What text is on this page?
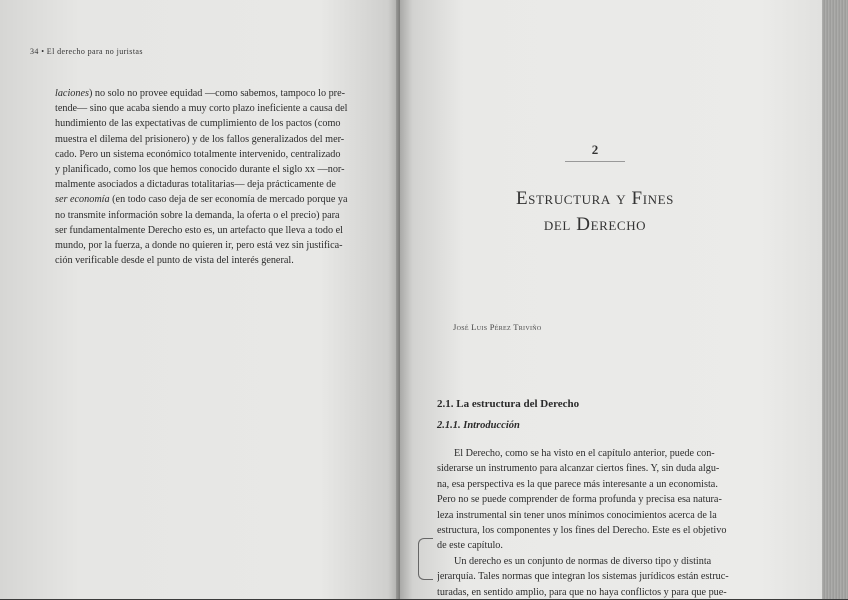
34 • El derecho para no juristas
laciones) no solo no provee equidad —como sabemos, tampoco lo pre-
tende— sino que acaba siendo a muy corto plazo ineficiente a causa del
hundimiento de las expectativas de cumplimiento de los pactos (como
muestra el dilema del prisionero) y de los fallos generalizados del mer-
cado. Pero un sistema económico totalmente intervenido, centralizado
y planificado, como los que hemos conocido durante el siglo xx —nor-
malmente asociados a dictaduras totalitarias— deja prácticamente de
ser economía (en todo caso deja de ser economía de mercado porque ya
no transmite información sobre la demanda, la oferta o el precio) para
ser fundamentalmente Derecho esto es, un artefacto que lleva a todo el
mundo, por la fuerza, a donde no quieren ir, pero está vez sin justifica-
ción verificable desde el punto de vista del interés general.
2
Estructura y Fines
del Derecho
José Luis Pérez Triviño
2.1. La estructura del Derecho
2.1.1. Introducción
El Derecho, como se ha visto en el capítulo anterior, puede con-
siderarse un instrumento para alcanzar ciertos fines. Y, sin duda algu-
na, esa perspectiva es la que parece más interesante a un economista.
Pero no se puede comprender de forma profunda y precisa esa natura-
leza instrumental sin tener unos mínimos conocimientos acerca de la
estructura, los componentes y los fines del Derecho. Este es el objetivo
de este capítulo.
Un derecho es un conjunto de normas de diverso tipo y distinta
jerarquía. Tales normas que integran los sistemas jurídicos están estruc-
turadas, en sentido amplio, para que no haya conflictos y para que pue-
